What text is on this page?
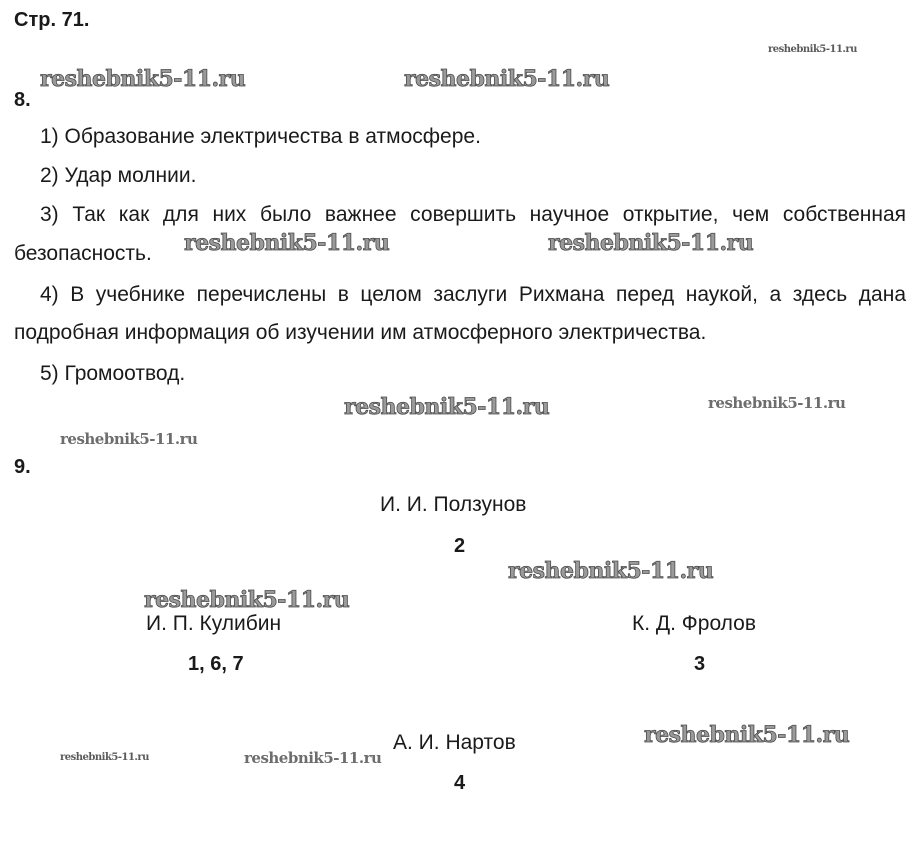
Стр. 71.
8.
1) Образование электричества в атмосфере.
2) Удар молнии.
3) Так как для них было важнее совершить научное открытие, чем собственная
безопасность.
4) В учебнике перечислены в целом заслуги Рихмана перед наукой, а здесь дана
подробная информация об изучении им атмосферного электричества.
5) Громоотвод.
9.
И. И. Ползунов
2
И. П. Кулибин
1, 6, 7
К. Д. Фролов
3
А. И. Нартов
4
reshebnik5-11.ru
reshebnik5-11.ru	reshebnik5-11.ru
reshebnik5-11.ru	reshebnik5-11.ru
reshebnik5-11.ru	reshebnik5-11.ru
reshebnik5-11.ru
reshebnik5-11.ru
reshebnik5-11.ru
reshebnik5-11.ru
reshebnik5-11.ru	reshebnik5-11.ru
